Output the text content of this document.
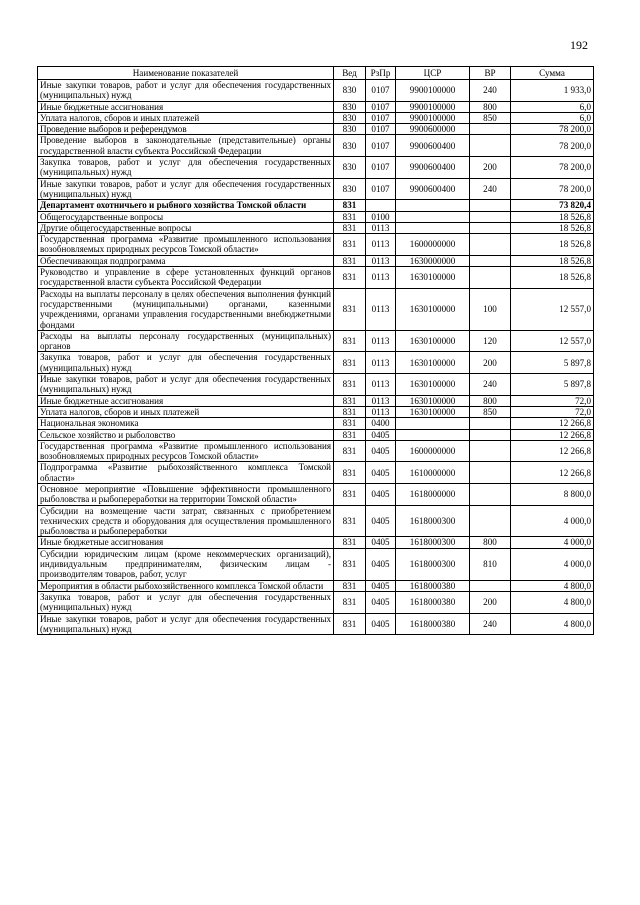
192
Наименование показателей	Вед	РзПр	ЦСР	ВР	Сумма
Иные закупки товаров, работ и услуг для обеспечения государственных (муниципальных) нужд	830	0107	9900100000	240	1 933,0
Иные бюджетные ассигнования	830	0107	9900100000	800	6,0
Уплата налогов, сборов и иных платежей	830	0107	9900100000	850	6,0
Проведение выборов и референдумов	830	0107	9900600000		78 200,0
Проведение выборов в законодательные (представительные) органы государственной власти субъекта Российской Федерации	830	0107	9900600400		78 200,0
Закупка товаров, работ и услуг для обеспечения государственных (муниципальных) нужд	830	0107	9900600400	200	78 200,0
Иные закупки товаров, работ и услуг для обеспечения государственных (муниципальных) нужд	830	0107	9900600400	240	78 200,0
Департамент охотничьего и рыбного хозяйства Томской области	831				73 820,4
Общегосударственные вопросы	831	0100			18 526,8
Другие общегосударственные вопросы	831	0113			18 526,8
Государственная программа «Развитие промышленного использования возобновляемых природных ресурсов Томской области»	831	0113	1600000000		18 526,8
Обеспечивающая подпрограмма	831	0113	1630000000		18 526,8
Руководство и управление в сфере установленных функций органов государственной власти субъекта Российской Федерации	831	0113	1630100000		18 526,8
Расходы на выплаты персоналу в целях обеспечения выполнения функций государственными (муниципальными) органами, казенными учреждениями, органами управления государственными внебюджетными фондами	831	0113	1630100000	100	12 557,0
Расходы на выплаты персоналу государственных (муниципальных) органов	831	0113	1630100000	120	12 557,0
Закупка товаров, работ и услуг для обеспечения государственных (муниципальных) нужд	831	0113	1630100000	200	5 897,8
Иные закупки товаров, работ и услуг для обеспечения государственных (муниципальных) нужд	831	0113	1630100000	240	5 897,8
Иные бюджетные ассигнования	831	0113	1630100000	800	72,0
Уплата налогов, сборов и иных платежей	831	0113	1630100000	850	72,0
Национальная экономика	831	0400			12 266,8
Сельское хозяйство и рыболовство	831	0405			12 266,8
Государственная программа «Развитие промышленного использования возобновляемых природных ресурсов Томской области»	831	0405	1600000000		12 266,8
Подпрограмма «Развитие рыбохозяйственного комплекса Томской области»	831	0405	1610000000		12 266,8
Основное мероприятие «Повышение эффективности промышленного рыболовства и рыбопереработки на территории Томской области»	831	0405	1618000000		8 800,0
Субсидии на возмещение части затрат, связанных с приобретением технических средств и оборудования для осуществления промышленного рыболовства и рыбопереработки	831	0405	1618000300		4 000,0
Иные бюджетные ассигнования	831	0405	1618000300	800	4 000,0
Субсидии юридическим лицам (кроме некоммерческих организаций), индивидуальным предпринимателям, физическим лицам - производителям товаров, работ, услуг	831	0405	1618000300	810	4 000,0
Мероприятия в области рыбохозяйственного комплекса Томской области	831	0405	1618000380		4 800,0
Закупка товаров, работ и услуг для обеспечения государственных (муниципальных) нужд	831	0405	1618000380	200	4 800,0
Иные закупки товаров, работ и услуг для обеспечения государственных (муниципальных) нужд	831	0405	1618000380	240	4 800,0
